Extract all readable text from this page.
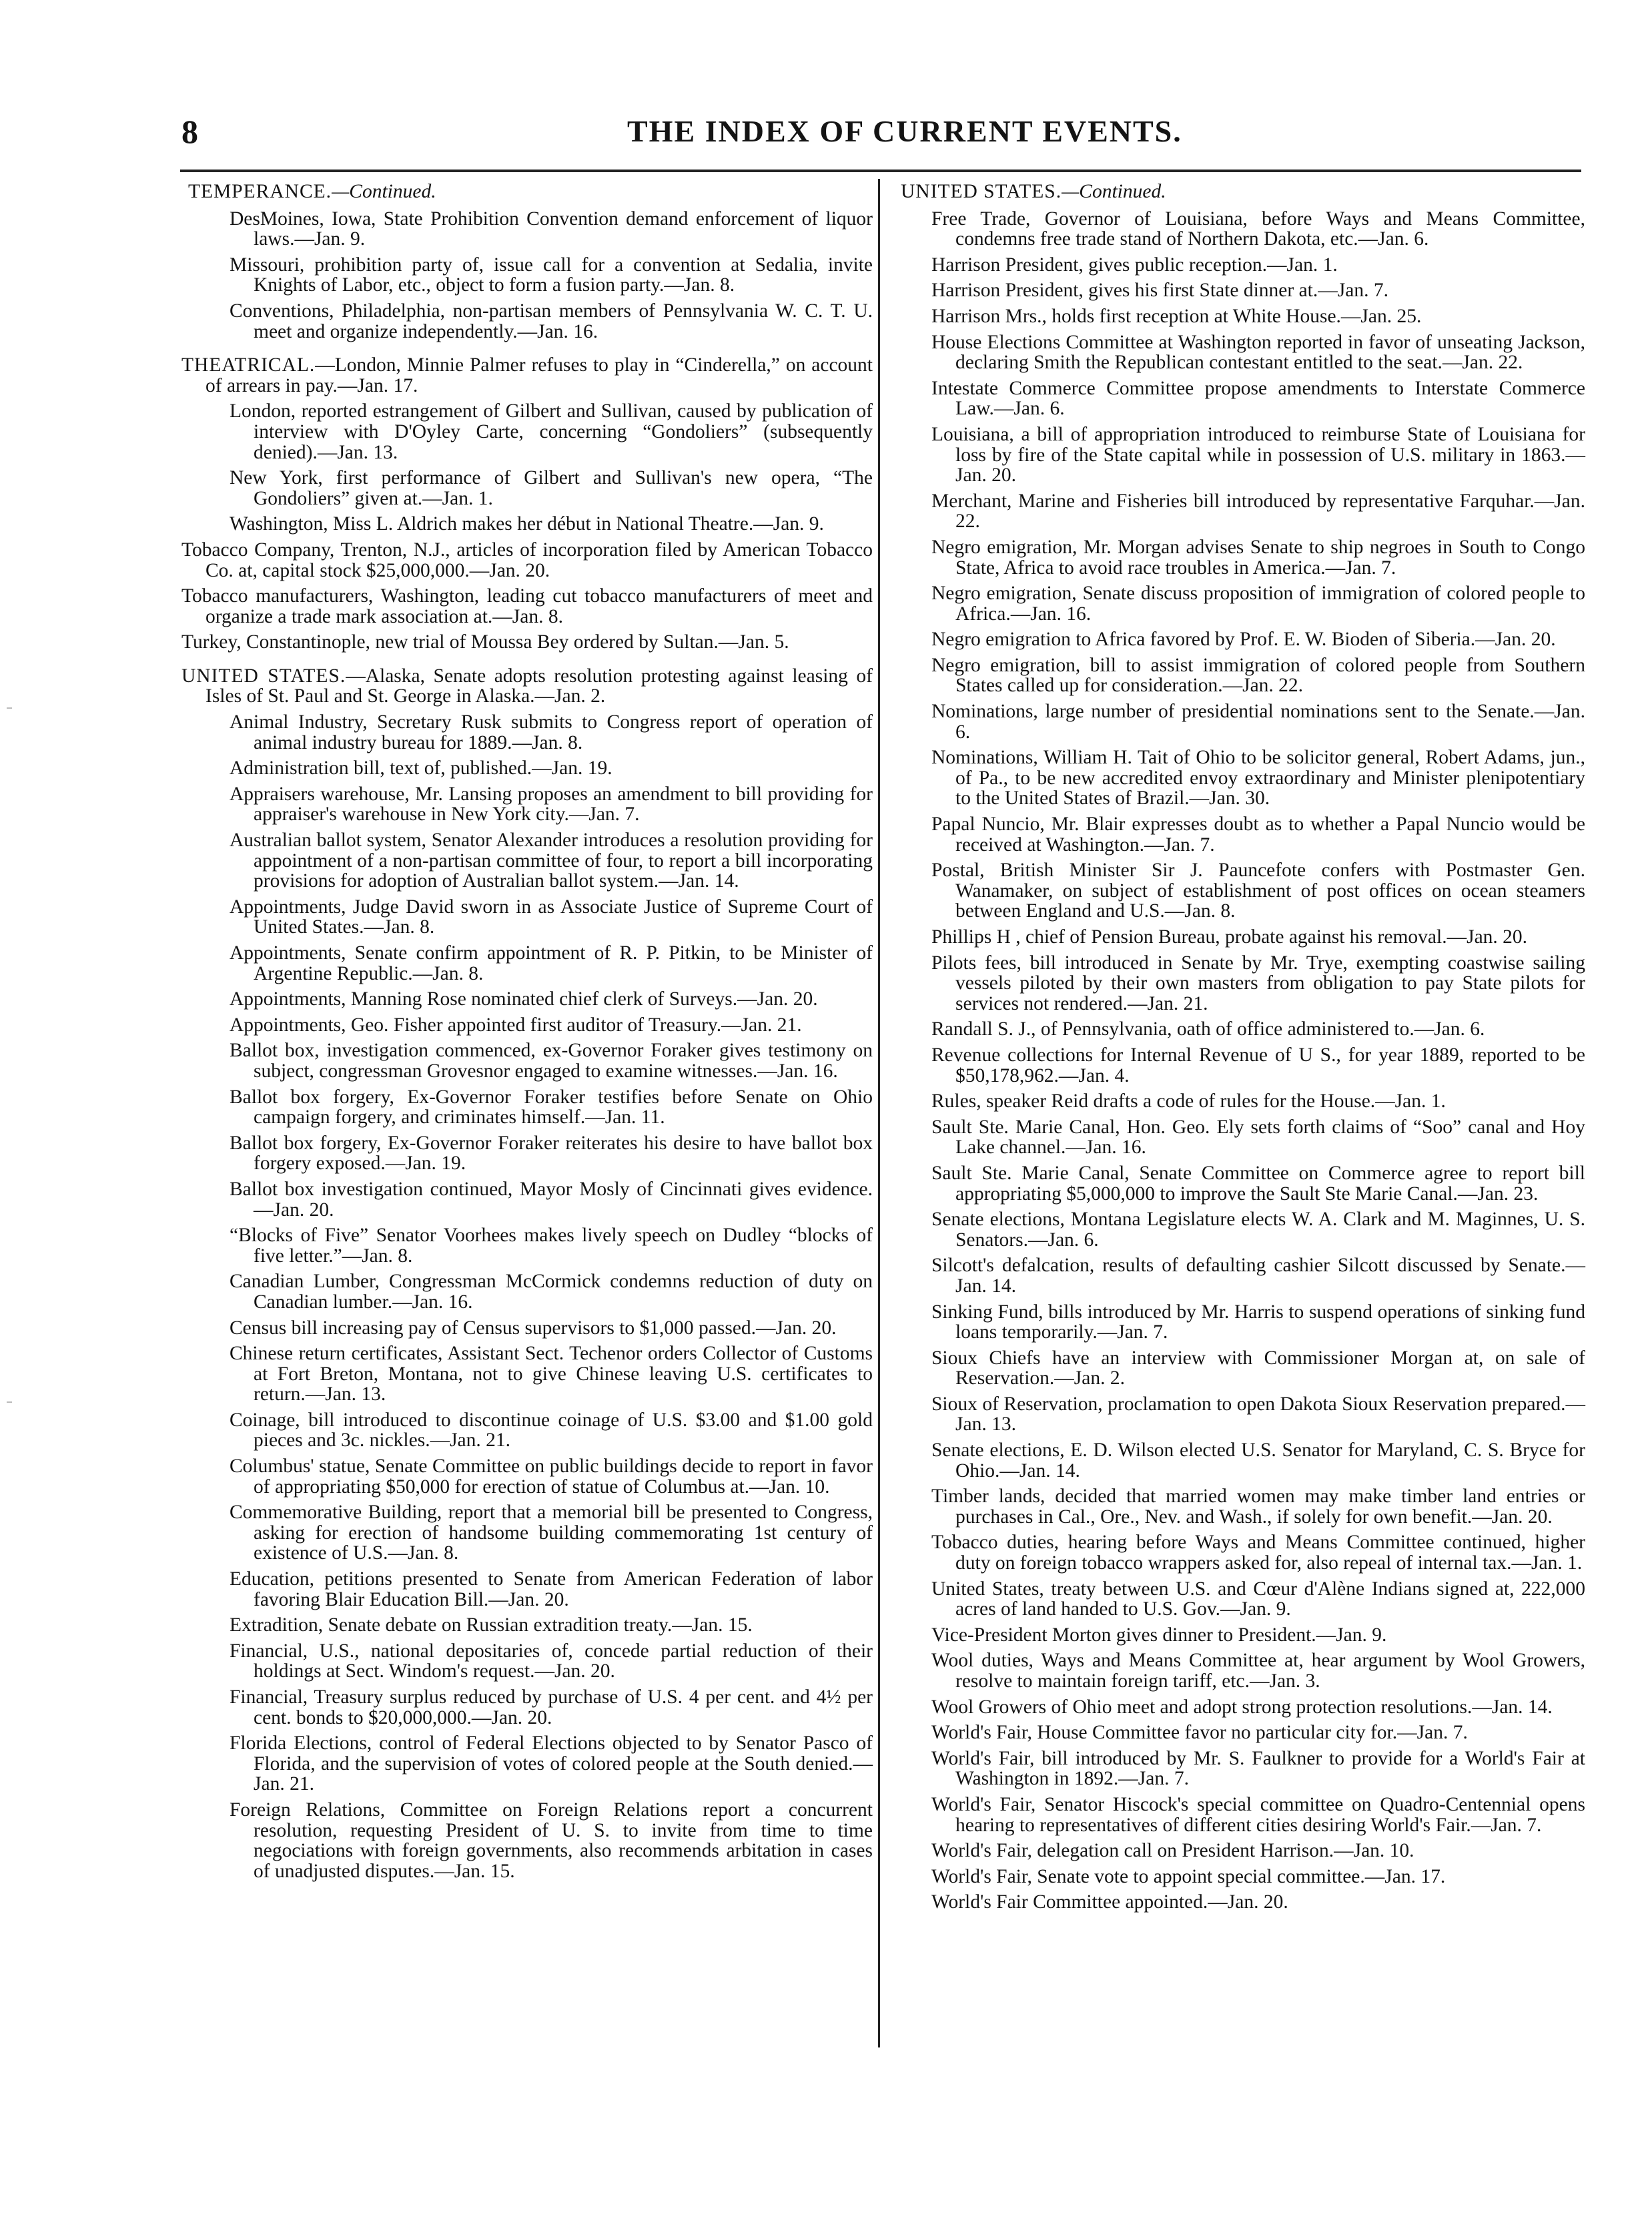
8	THE INDEX OF CURRENT EVENTS.
TEMPERANCE.—Continued.
DesMoines, Iowa, State Prohibition Convention demand enforcement of liquor laws.—Jan. 9.
Missouri, prohibition party of, issue call for a convention at Sedalia, invite Knights of Labor, etc., object to form a fusion party.—Jan. 8.
Conventions, Philadelphia, non-partisan members of Pennsylvania W. C. T. U. meet and organize independently.—Jan. 16.
THEATRICAL.—London, Minnie Palmer refuses to play in “Cinderella,” on account of arrears in pay.—Jan. 17.
London, reported estrangement of Gilbert and Sullivan, caused by publication of interview with D'Oyley Carte, concerning “Gondoliers” (subsequently denied).—Jan. 13.
New York, first performance of Gilbert and Sullivan's new opera, “The Gondoliers” given at.—Jan. 1.
Washington, Miss L. Aldrich makes her début in National Theatre.—Jan. 9.
Tobacco Company, Trenton, N.J., articles of incorporation filed by American Tobacco Co. at, capital stock $25,000,000.—Jan. 20.
Tobacco manufacturers, Washington, leading cut tobacco manufacturers of meet and organize a trade mark association at.—Jan. 8.
Turkey, Constantinople, new trial of Moussa Bey ordered by Sultan.—Jan. 5.
UNITED STATES.—Alaska, Senate adopts resolution protesting against leasing of Isles of St. Paul and St. George in Alaska.—Jan. 2.
Animal Industry, Secretary Rusk submits to Congress report of operation of animal industry bureau for 1889.—Jan. 8.
Administration bill, text of, published.—Jan. 19.
Appraisers warehouse, Mr. Lansing proposes an amendment to bill providing for appraiser's warehouse in New York city.—Jan. 7.
Australian ballot system, Senator Alexander introduces a resolution providing for appointment of a non-partisan committee of four, to report a bill incorporating provisions for adoption of Australian ballot system.—Jan. 14.
Appointments, Judge David sworn in as Associate Justice of Supreme Court of United States.—Jan. 8.
Appointments, Senate confirm appointment of R. P. Pitkin, to be Minister of Argentine Republic.—Jan. 8.
Appointments, Manning Rose nominated chief clerk of Surveys.—Jan. 20.
Appointments, Geo. Fisher appointed first auditor of Treasury.—Jan. 21.
Ballot box, investigation commenced, ex-Governor Foraker gives testimony on subject, congressman Grovesnor engaged to examine witnesses.—Jan. 16.
Ballot box forgery, Ex-Governor Foraker testifies before Senate on Ohio campaign forgery, and criminates himself.—Jan. 11.
Ballot box forgery, Ex-Governor Foraker reiterates his desire to have ballot box forgery exposed.—Jan. 19.
Ballot box investigation continued, Mayor Mosly of Cincinnati gives evidence.—Jan. 20.
“Blocks of Five” Senator Voorhees makes lively speech on Dudley “blocks of five letter.”—Jan. 8.
Canadian Lumber, Congressman McCormick condemns reduction of duty on Canadian lumber.—Jan. 16.
Census bill increasing pay of Census supervisors to $1,000 passed.—Jan. 20.
Chinese return certificates, Assistant Sect. Techenor orders Collector of Customs at Fort Breton, Montana, not to give Chinese leaving U.S. certificates to return.—Jan. 13.
Coinage, bill introduced to discontinue coinage of U.S. $3.00 and $1.00 gold pieces and 3c. nickles.—Jan. 21.
Columbus' statue, Senate Committee on public buildings decide to report in favor of appropriating $50,000 for erection of statue of Columbus at.—Jan. 10.
Commemorative Building, report that a memorial bill be presented to Congress, asking for erection of handsome building commemorating 1st century of existence of U.S.—Jan. 8.
Education, petitions presented to Senate from American Federation of labor favoring Blair Education Bill.—Jan. 20.
Extradition, Senate debate on Russian extradition treaty.—Jan. 15.
Financial, U.S., national depositaries of, concede partial reduction of their holdings at Sect. Windom's request.—Jan. 20.
Financial, Treasury surplus reduced by purchase of U.S. 4 per cent. and 4½ per cent. bonds to $20,000,000.—Jan. 20.
Florida Elections, control of Federal Elections objected to by Senator Pasco of Florida, and the supervision of votes of colored people at the South denied.—Jan. 21.
Foreign Relations, Committee on Foreign Relations report a concurrent resolution, requesting President of U. S. to invite from time to time negociations with foreign governments, also recommends arbitation in cases of unadjusted disputes.—Jan. 15.
UNITED STATES.—Continued.
Free Trade, Governor of Louisiana, before Ways and Means Committee, condemns free trade stand of Northern Dakota, etc.—Jan. 6.
Harrison President, gives public reception.—Jan. 1.
Harrison President, gives his first State dinner at.—Jan. 7.
Harrison Mrs., holds first reception at White House.—Jan. 25.
House Elections Committee at Washington reported in favor of unseating Jackson, declaring Smith the Republican contestant entitled to the seat.—Jan. 22.
Intestate Commerce Committee propose amendments to Interstate Commerce Law.—Jan. 6.
Louisiana, a bill of appropriation introduced to reimburse State of Louisiana for loss by fire of the State capital while in possession of U.S. military in 1863.—Jan. 20.
Merchant, Marine and Fisheries bill introduced by representative Farquhar.—Jan. 22.
Negro emigration, Mr. Morgan advises Senate to ship negroes in South to Congo State, Africa to avoid race troubles in America.—Jan. 7.
Negro emigration, Senate discuss proposition of immigration of colored people to Africa.—Jan. 16.
Negro emigration to Africa favored by Prof. E. W. Bioden of Siberia.—Jan. 20.
Negro emigration, bill to assist immigration of colored people from Southern States called up for consideration.—Jan. 22.
Nominations, large number of presidential nominations sent to the Senate.—Jan. 6.
Nominations, William H. Tait of Ohio to be solicitor general, Robert Adams, jun., of Pa., to be new accredited envoy extraordinary and Minister plenipotentiary to the United States of Brazil.—Jan. 30.
Papal Nuncio, Mr. Blair expresses doubt as to whether a Papal Nuncio would be received at Washington.—Jan. 7.
Postal, British Minister Sir J. Pauncefote confers with Postmaster Gen. Wanamaker, on subject of establishment of post offices on ocean steamers between England and U.S.—Jan. 8.
Phillips H , chief of Pension Bureau, probate against his removal.—Jan. 20.
Pilots fees, bill introduced in Senate by Mr. Trye, exempting coastwise sailing vessels piloted by their own masters from obligation to pay State pilots for services not rendered.—Jan. 21.
Randall S. J., of Pennsylvania, oath of office administered to.—Jan. 6.
Revenue collections for Internal Revenue of U S., for year 1889, reported to be $50,178,962.—Jan. 4.
Rules, speaker Reid drafts a code of rules for the House.—Jan. 1.
Sault Ste. Marie Canal, Hon. Geo. Ely sets forth claims of “Soo” canal and Hoy Lake channel.—Jan. 16.
Sault Ste. Marie Canal, Senate Committee on Commerce agree to report bill appropriating $5,000,000 to improve the Sault Ste Marie Canal.—Jan. 23.
Senate elections, Montana Legislature elects W. A. Clark and M. Maginnes, U. S. Senators.—Jan. 6.
Silcott's defalcation, results of defaulting cashier Silcott discussed by Senate.—Jan. 14.
Sinking Fund, bills introduced by Mr. Harris to suspend operations of sinking fund loans temporarily.—Jan. 7.
Sioux Chiefs have an interview with Commissioner Morgan at, on sale of Reservation.—Jan. 2.
Sioux of Reservation, proclamation to open Dakota Sioux Reservation prepared.—Jan. 13.
Senate elections, E. D. Wilson elected U.S. Senator for Maryland, C. S. Bryce for Ohio.—Jan. 14.
Timber lands, decided that married women may make timber land entries or purchases in Cal., Ore., Nev. and Wash., if solely for own benefit.—Jan. 20.
Tobacco duties, hearing before Ways and Means Committee continued, higher duty on foreign tobacco wrappers asked for, also repeal of internal tax.—Jan. 1.
United States, treaty between U.S. and Cœur d'Alène Indians signed at, 222,000 acres of land handed to U.S. Gov.—Jan. 9.
Vice-President Morton gives dinner to President.—Jan. 9.
Wool duties, Ways and Means Committee at, hear argument by Wool Growers, resolve to maintain foreign tariff, etc.—Jan. 3.
Wool Growers of Ohio meet and adopt strong protection resolutions.—Jan. 14.
World's Fair, House Committee favor no particular city for.—Jan. 7.
World's Fair, bill introduced by Mr. S. Faulkner to provide for a World's Fair at Washington in 1892.—Jan. 7.
World's Fair, Senator Hiscock's special committee on Quadro-Centennial opens hearing to representatives of different cities desiring World's Fair.—Jan. 7.
World's Fair, delegation call on President Harrison.—Jan. 10.
World's Fair, Senate vote to appoint special committee.—Jan. 17.
World's Fair Committee appointed.—Jan. 20.
